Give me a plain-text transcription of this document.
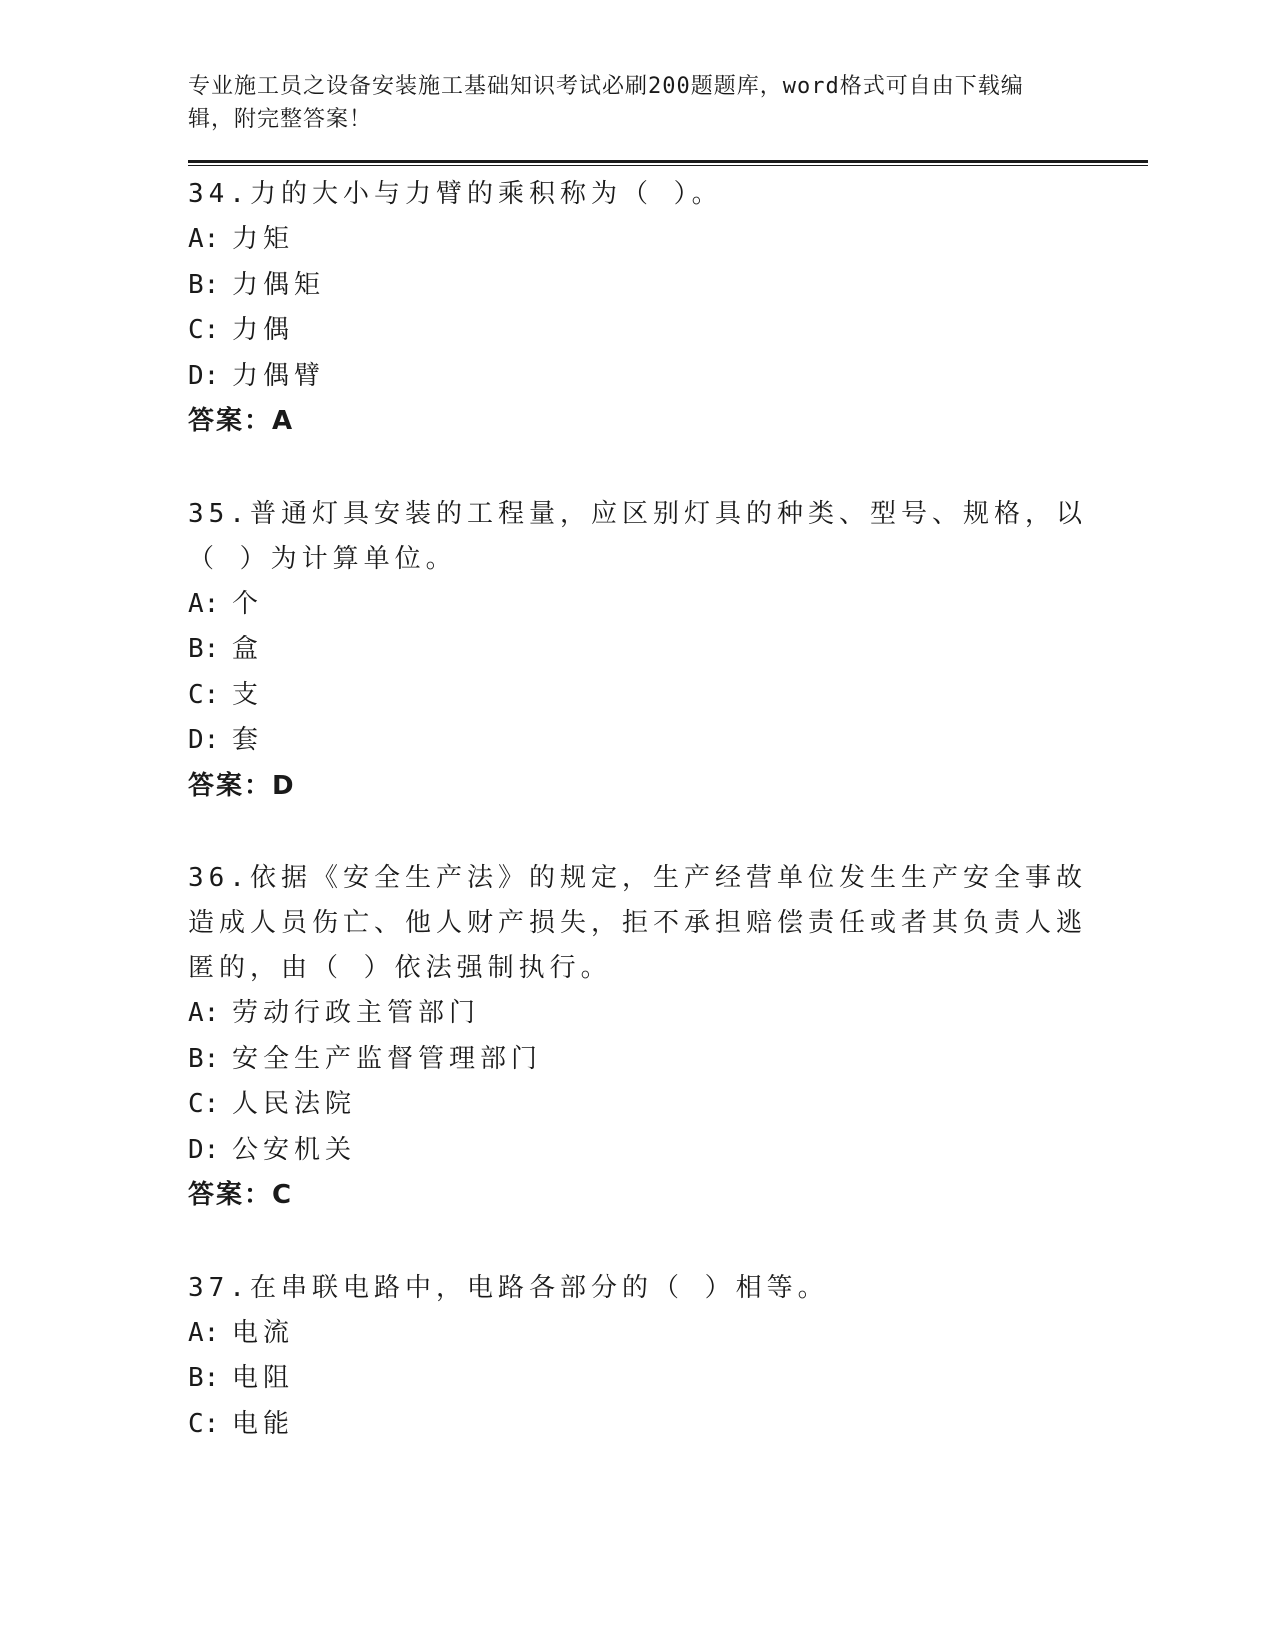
专业施工员之设备安装施工基础知识考试必刷200题题库，word格式可自由下载编辑，附完整答案！

34.力的大小与力臂的乘积称为（ ）。

A: 力矩

B: 力偶矩

C: 力偶

D: 力偶臂

答案：A

35.普通灯具安装的工程量，应区别灯具的种类、型号、规格，以（ ）为计算单位。

A: 个

B: 盒

C: 支

D: 套

答案：D

36.依据《安全生产法》的规定，生产经营单位发生生产安全事故造成人员伤亡、他人财产损失，拒不承担赔偿责任或者其负责人逃匿的，由（ ）依法强制执行。

A: 劳动行政主管部门

B: 安全生产监督管理部门

C: 人民法院

D: 公安机关

答案：C

37.在串联电路中，电路各部分的（ ）相等。

A: 电流

B: 电阻

C: 电能
